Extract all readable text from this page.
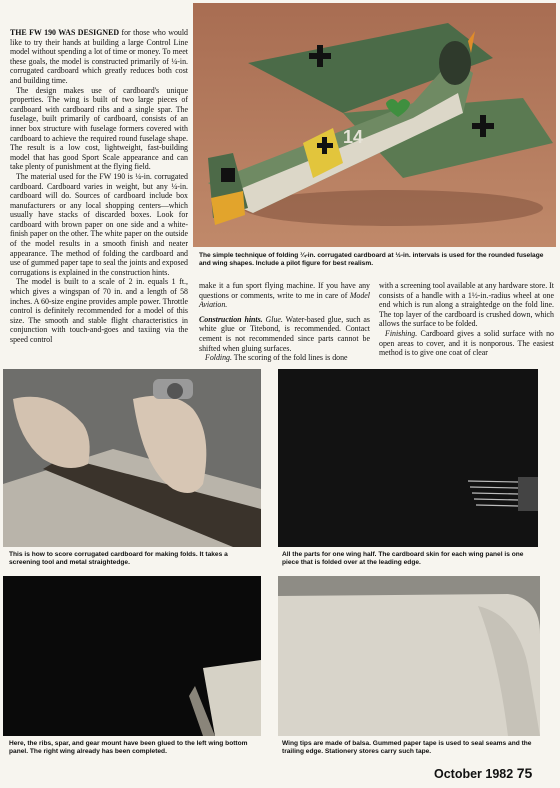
THE FW 190 WAS DESIGNED for those who would like to try their hands at building a large Control Line model without spending a lot of time or money. To meet these goals, the model is constructed primarily of ¼-in. corrugated cardboard which greatly reduces both cost and building time.

The design makes use of cardboard's unique properties. The wing is built of two large pieces of cardboard with cardboard ribs and a single spar. The fuselage, built primarily of cardboard, consists of an inner box structure with fuselage formers covered with cardboard to achieve the required round fuselage shape. The result is a low cost, lightweight, fast-building model that has good Sport Scale appearance and can take plenty of punishment at the flying field.

The material used for the FW 190 is ¼-in. corrugated cardboard. Cardboard varies in weight, but any ¼-in. cardboard will do. Sources of cardboard include box manufacturers or any local shopping centers—which usually have stacks of discarded boxes. Look for cardboard with brown paper on one side and a white-finish paper on the other. The white paper on the outside of the model results in a smooth finish and neater appearance. The method of folding the cardboard and use of gummed paper tape to seal the joints and exposed corrugations is explained in the construction hints.

The model is built to a scale of 2 in. equals 1 ft., which gives a wingspan of 70 in. and a length of 58 inches. A 60-size engine provides ample power. Throttle control is definitely recommended for a model of this size. The smooth and stable flight characteristics in conjunction with touch-and-goes and taxiing via the speed control

14
The simple technique of folding ¼-in. corrugated cardboard at ½-in. intervals is used for the rounded fuselage and wing shapes. Include a pilot figure for best realism.

make it a fun sport flying machine. If you have any questions or comments, write to me in care of Model Aviation.

Construction hints. Glue. Water-based glue, such as white glue or Titebond, is recommended. Contact cement is not recommended since parts cannot be shifted when gluing surfaces.

Folding. The scoring of the fold lines is done

with a screening tool available at any hardware store. It consists of a handle with a 1½-in.-radius wheel at one end which is run along a straightedge on the fold line. The top layer of the cardboard is crushed down, which allows the surface to be folded.

Finishing. Cardboard gives a solid surface with no open areas to cover, and it is nonporous. The easiest method is to give one coat of clear

This is how to score corrugated cardboard for making folds. It takes a screening tool and metal straightedge.
All the parts for one wing half. The cardboard skin for each wing panel is one piece that is folded over at the leading edge.
Here, the ribs, spar, and gear mount have been glued to the left wing bottom panel. The right wing already has been completed.
Wing tips are made of balsa. Gummed paper tape is used to seal seams and the trailing edge. Stationery stores carry such tape.
October 1982 75
